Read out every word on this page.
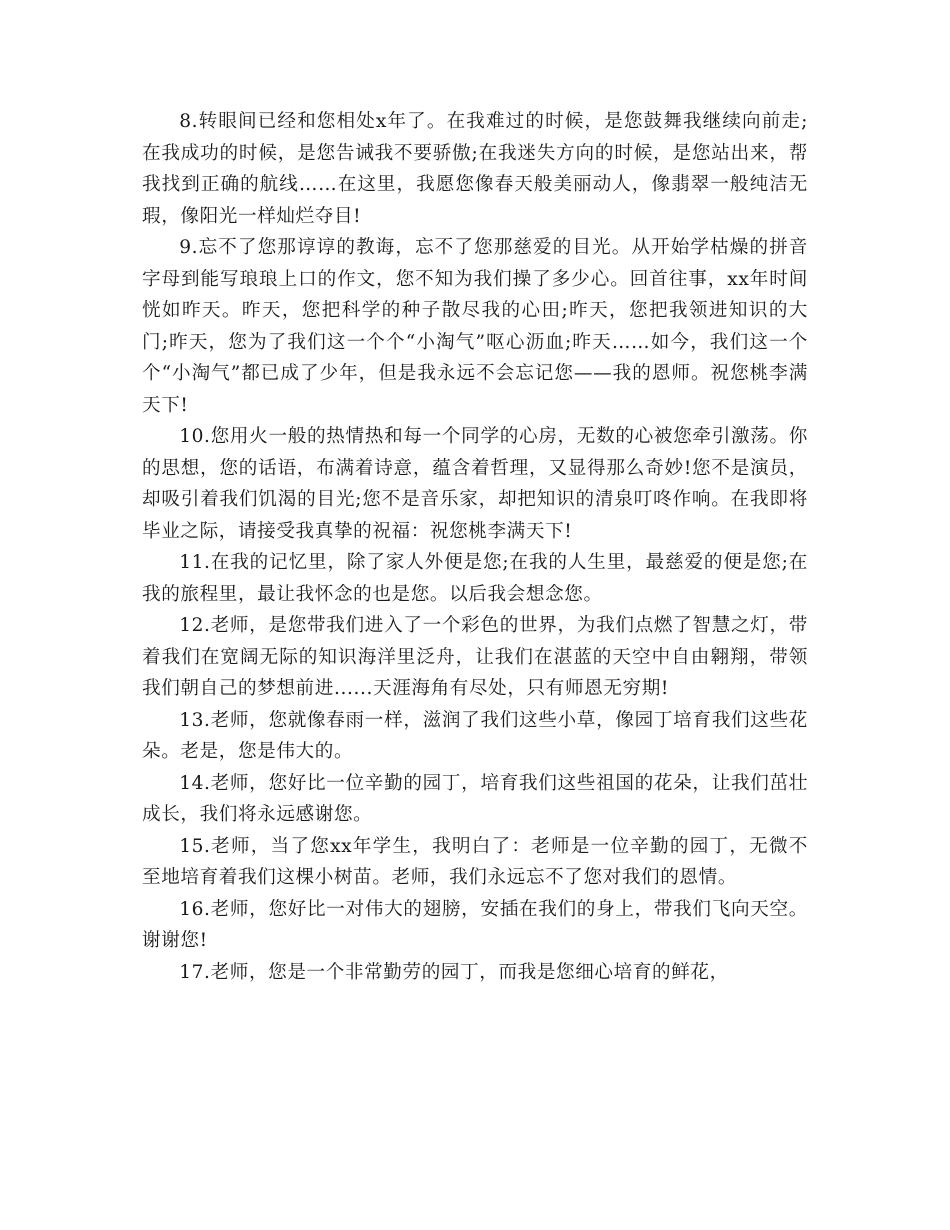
8.转眼间已经和您相处x年了。在我难过的时候，是您鼓舞我继续向前走;在我成功的时候，是您告诫我不要骄傲;在我迷失方向的时候，是您站出来，帮我找到正确的航线……在这里，我愿您像春天般美丽动人，像翡翠一般纯洁无瑕，像阳光一样灿烂夺目!

9.忘不了您那谆谆的教诲，忘不了您那慈爱的目光。从开始学枯燥的拼音字母到能写琅琅上口的作文，您不知为我们操了多少心。回首往事，xx年时间恍如昨天。昨天，您把科学的种子散尽我的心田;昨天，您把我领进知识的大门;昨天，您为了我们这一个个“小淘气”呕心沥血;昨天……如今，我们这一个个“小淘气”都已成了少年，但是我永远不会忘记您——我的恩师。祝您桃李满天下!

10.您用火一般的热情热和每一个同学的心房，无数的心被您牵引激荡。你的思想，您的话语，布满着诗意，蕴含着哲理，又显得那么奇妙!您不是演员，却吸引着我们饥渴的目光;您不是音乐家，却把知识的清泉叮咚作响。在我即将毕业之际，请接受我真挚的祝福：祝您桃李满天下!

11.在我的记忆里，除了家人外便是您;在我的人生里，最慈爱的便是您;在我的旅程里，最让我怀念的也是您。以后我会想念您。

12.老师，是您带我们进入了一个彩色的世界，为我们点燃了智慧之灯，带着我们在宽阔无际的知识海洋里泛舟，让我们在湛蓝的天空中自由翱翔，带领我们朝自己的梦想前进......天涯海角有尽处，只有师恩无穷期!

13.老师，您就像春雨一样，滋润了我们这些小草，像园丁培育我们这些花朵。老是，您是伟大的。

14.老师，您好比一位辛勤的园丁，培育我们这些祖国的花朵，让我们茁壮成长，我们将永远感谢您。

15.老师，当了您xx年学生，我明白了：老师是一位辛勤的园丁，无微不至地培育着我们这棵小树苗。老师，我们永远忘不了您对我们的恩情。

16.老师，您好比一对伟大的翅膀，安插在我们的身上，带我们飞向天空。谢谢您!

17.老师，您是一个非常勤劳的园丁，而我是您细心培育的鲜花，
